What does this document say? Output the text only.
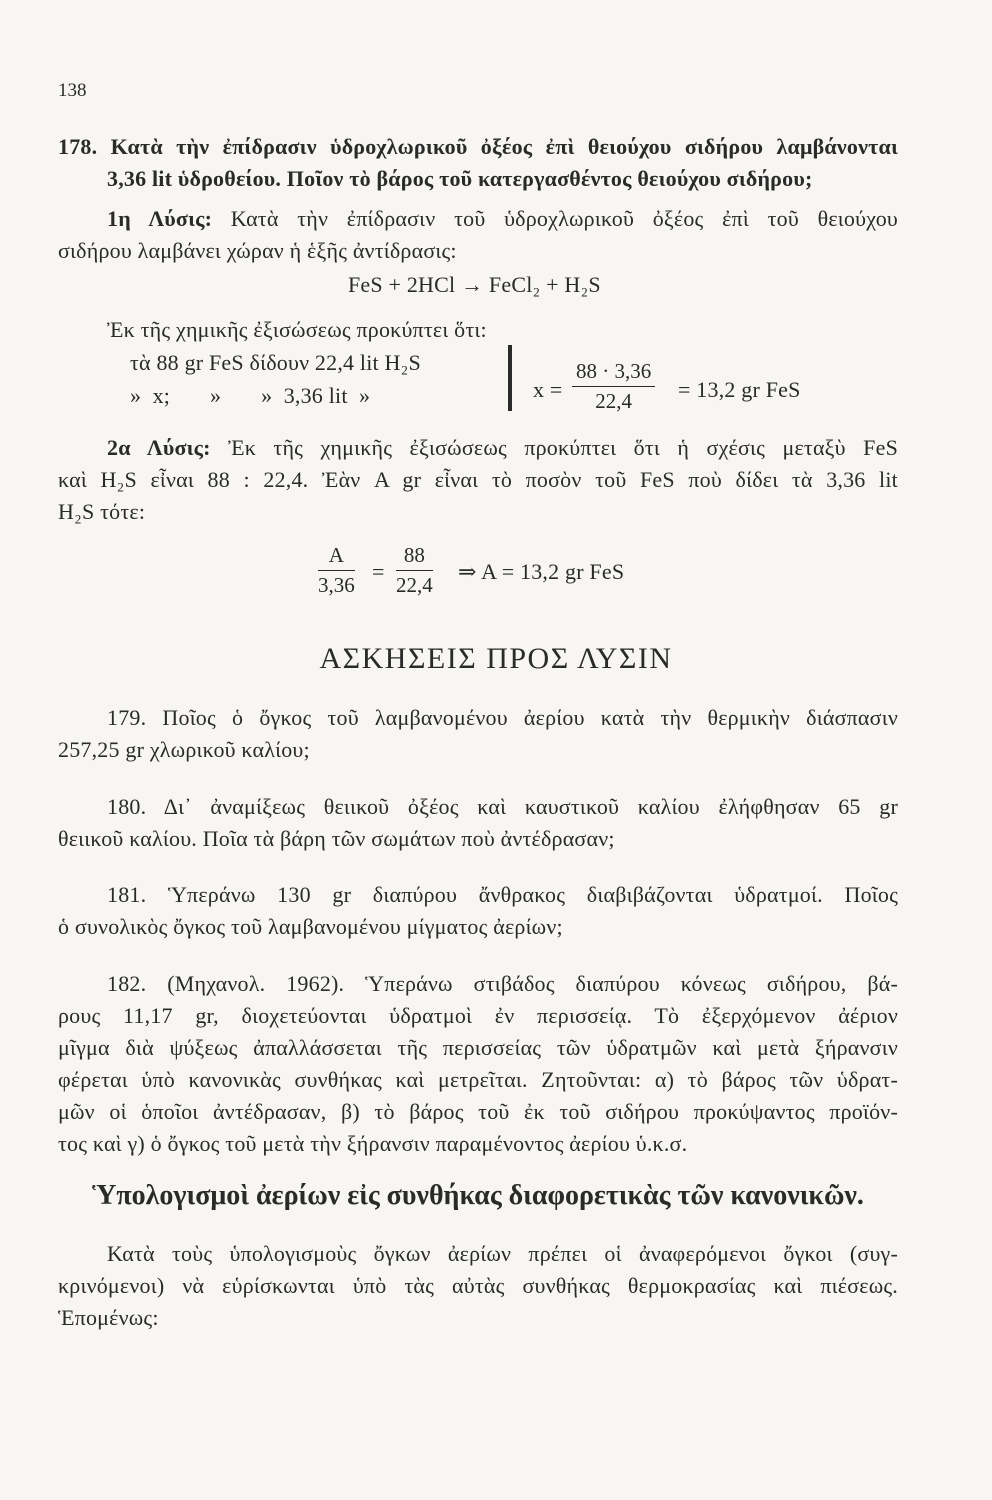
138
178. Κατὰ τὴν ἐπίδρασιν ὑδροχλωρικοῦ ὀξέος ἐπὶ θειούχου σιδήρου λαμβάνονται
3,36 lit ὑδροθείου. Ποῖον τὸ βάρος τοῦ κατεργασθέντος θειούχου σιδήρου;
1η Λύσις: Κατὰ τὴν ἐπίδρασιν τοῦ ὑδροχλωρικοῦ ὀξέος ἐπὶ τοῦ θειούχου
σιδήρου λαμβάνει χώραν ἡ ἑξῆς ἀντίδρασις:
FeS + 2HCl → FeCl₂ + H₂S
Ἐκ τῆς χημικῆς ἐξισώσεως προκύπτει ὅτι:
τὰ 88 gr FeS δίδουν 22,4 lit H₂S
»  x;       »       »  3,36 lit  »	$x = \frac{88 \cdot 3,36}{22,4} = 13,2$ gr FeS
2α Λύσις: Ἐκ τῆς χημικῆς ἐξισώσεως προκύπτει ὅτι ἡ σχέσις μεταξὺ FeS
καὶ H₂S εἶναι 88 : 22,4. Ἐὰν A gr εἶναι τὸ ποσὸν τοῦ FeS ποὺ δίδει τὰ 3,36 lit
H₂S τότε:
$\frac{A}{3,36} = \frac{88}{22,4}$ ⇒ A = 13,2 gr FeS
ΑΣΚΗΣΕΙΣ ΠΡΟΣ ΛΥΣΙΝ
179. Ποῖος ὁ ὄγκος τοῦ λαμβανομένου ἀερίου κατὰ τὴν θερμικὴν διάσπασιν
257,25 gr χλωρικοῦ καλίου;
180. Δι᾽ ἀναμίξεως θειικοῦ ὀξέος καὶ καυστικοῦ καλίου ἐλήφθησαν 65 gr
θειικοῦ καλίου. Ποῖα τὰ βάρη τῶν σωμάτων ποὺ ἀντέδρασαν;
181. Ὑπεράνω 130 gr διαπύρου ἄνθρακος διαβιβάζονται ὑδρατμοί. Ποῖος
ὁ συνολικὸς ὄγκος τοῦ λαμβανομένου μίγματος ἀερίων;
182. (Μηχανολ. 1962). Ὑπεράνω στιβάδος διαπύρου κόνεως σιδήρου, βά-
ρους 11,17 gr, διοχετεύονται ὑδρατμοὶ ἐν περισσείᾳ. Τὸ ἐξερχόμενον ἀέριον
μῖγμα διὰ ψύξεως ἀπαλλάσσεται τῆς περισσείας τῶν ὑδρατμῶν καὶ μετὰ ξήρανσιν
φέρεται ὑπὸ κανονικὰς συνθήκας καὶ μετρεῖται. Ζητοῦνται: α) τὸ βάρος τῶν ὑδρατ-
μῶν οἱ ὁποῖοι ἀντέδρασαν, β) τὸ βάρος τοῦ ἐκ τοῦ σιδήρου προκύψαντος προϊόν-
τος καὶ γ) ὁ ὄγκος τοῦ μετὰ τὴν ξήρανσιν παραμένοντος ἀερίου ὑ.κ.σ.
Ὑπολογισμοὶ ἀερίων εἰς συνθήκας διαφορετικὰς τῶν κανονικῶν.
Κατὰ τοὺς ὑπολογισμοὺς ὄγκων ἀερίων πρέπει οἱ ἀναφερόμενοι ὄγκοι (συγ-
κρινόμενοι) νὰ εὑρίσκωνται ὑπὸ τὰς αὐτὰς συνθήκας θερμοκρασίας καὶ πιέσεως.
Ἑπομένως:
